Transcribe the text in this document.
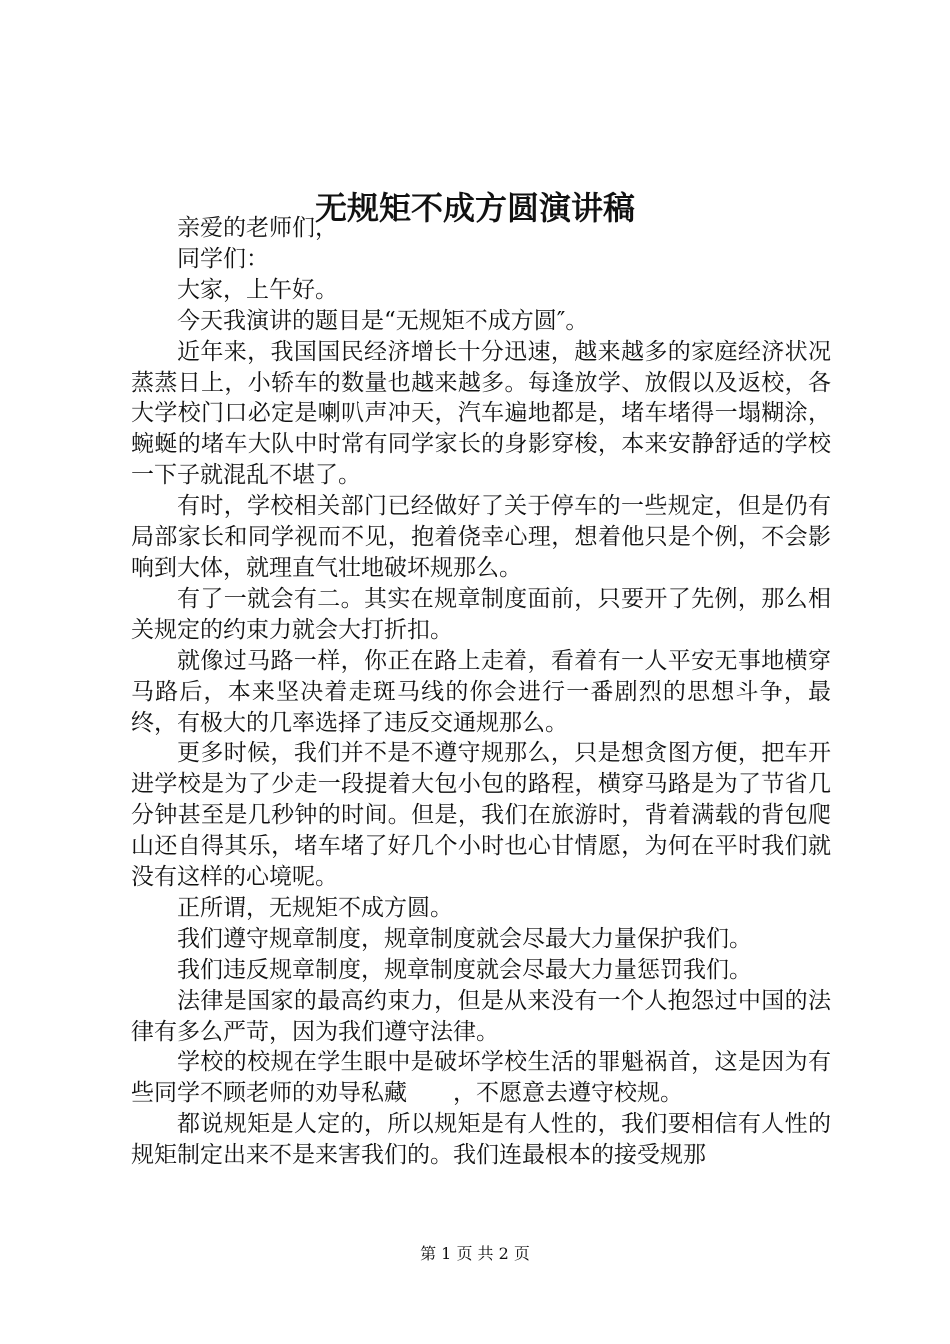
无规矩不成方圆演讲稿

亲爱的老师们，

同学们：

大家，上午好。

今天我演讲的题目是“无规矩不成方圆″。

近年来，我国国民经济增长十分迅速，越来越多的家庭经济状况蒸蒸日上，小轿车的数量也越来越多。每逢放学、放假以及返校，各大学校门口必定是喇叭声冲天，汽车遍地都是，堵车堵得一塌糊涂，蜿蜒的堵车大队中时常有同学家长的身影穿梭，本来安静舒适的学校一下子就混乱不堪了。

有时，学校相关部门已经做好了关于停车的一些规定，但是仍有局部家长和同学视而不见，抱着侥幸心理，想着他只是个例，不会影响到大体，就理直气壮地破坏规那么。

有了一就会有二。其实在规章制度面前，只要开了先例，那么相关规定的约束力就会大打折扣。

就像过马路一样，你正在路上走着，看着有一人平安无事地横穿马路后，本来坚决着走斑马线的你会进行一番剧烈的思想斗争，最终，有极大的几率选择了违反交通规那么。

更多时候，我们并不是不遵守规那么，只是想贪图方便，把车开进学校是为了少走一段提着大包小包的路程，横穿马路是为了节省几分钟甚至是几秒钟的时间。但是，我们在旅游时，背着满载的背包爬山还自得其乐，堵车堵了好几个小时也心甘情愿，为何在平时我们就没有这样的心境呢。

正所谓，无规矩不成方圆。

我们遵守规章制度，规章制度就会尽最大力量保护我们。

我们违反规章制度，规章制度就会尽最大力量惩罚我们。

法律是国家的最高约束力，但是从来没有一个人抱怨过中国的法律有多么严苛，因为我们遵守法律。

学校的校规在学生眼中是破坏学校生活的罪魁祸首，这是因为有些同学不顾老师的劝导私藏　　，不愿意去遵守校规。

都说规矩是人定的，所以规矩是有人性的，我们要相信有人性的规矩制定出来不是来害我们的。我们连最根本的接受规那

第 1 页 共 2 页
